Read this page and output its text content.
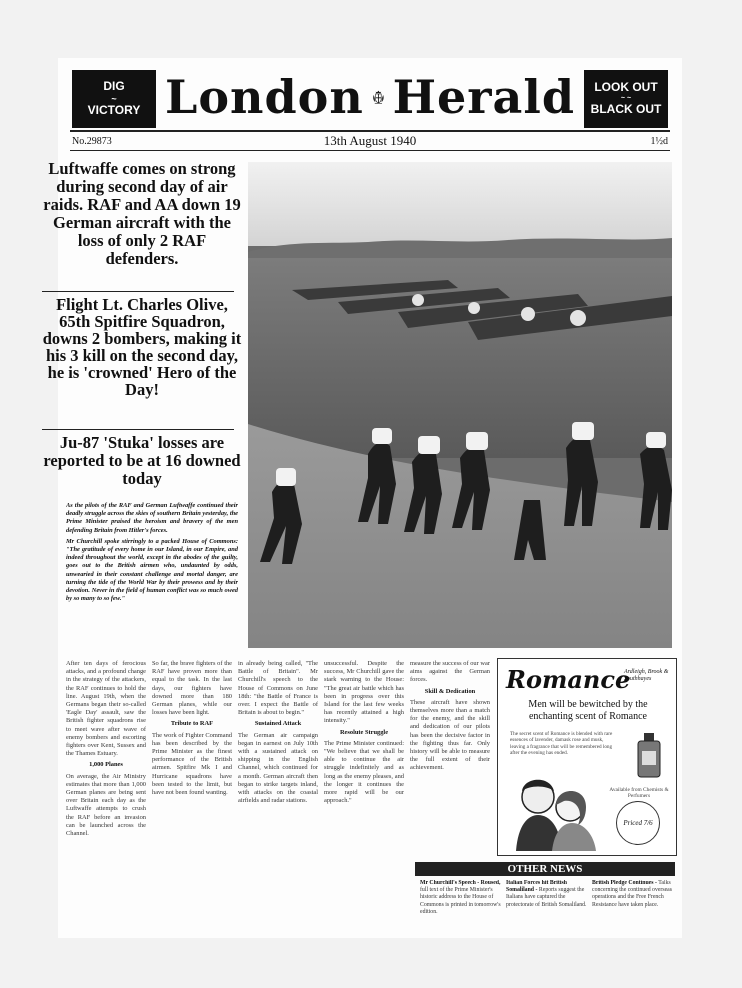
DIG
~
VICTORY
LOOK OUT
~ ~
BLACK OUT
London Herald
No.29873	13th August 1940	1½d
Luftwaffe comes on strong during second day of air raids. RAF and AA down 19 German aircraft with the loss of only 2 RAF defenders.
Flight Lt. Charles Olive, 65th Spitfire Squadron, downs 2 bombers, making it his 3 kill on the second day, he is 'crowned' Hero of the Day!
Ju-87 'Stuka' losses are reported to be at 16 downed today

As the pilots of the RAF and German Luftwaffe continued their deadly struggle across the skies of southern Britain yesterday, the Prime Minister praised the heroism and bravery of the men defending Britain from Hitler's forces.

Mr Churchill spoke stirringly to a packed House of Commons: "The gratitude of every home in our Island, in our Empire, and indeed throughout the world, except in the abodes of the guilty, goes out to the British airmen who, undaunted by odds, unwearied in their constant challenge and mortal danger, are turning the tide of the World War by their prowess and by their devotion. Never in the field of human conflict was so much owed by so many to so few."

After ten days of ferocious attacks, and a profound change in the strategy of the attackers, the RAF continues to hold the line. August 19th, when the Germans began their so-called 'Eagle Day' assault, saw the British fighter squadrons rise to meet wave after wave of enemy bombers and escorting fighters over Kent, Sussex and the Thames Estuary.

1,000 Planes

On average, the Air Ministry estimates that more than 1,000 German planes are being sent over Britain each day as the Luftwaffe attempts to crush the RAF before an invasion can be launched across the Channel.

So far, the brave fighters of the RAF have proven more than equal to the task. In the last days, our fighters have downed more than 180 German planes, while our losses have been light.

Tribute to RAF

The work of Fighter Command has been described by the Prime Minister as the finest performance of the British airmen. Spitfire Mk I and Hurricane squadrons have been tested to the limit, but have not been found wanting.

in already being called, "The Battle of Britain". Mr Churchill's speech to the House of Commons on June 18th: "the Battle of France is over. I expect the Battle of Britain is about to begin."

Sustained Attack

The German air campaign began in earnest on July 10th with a sustained attack on shipping in the English Channel, which continued for a month. German aircraft then began to strike targets inland, with attacks on the coastal airfields and radar stations.

unsuccessful. Despite the success, Mr Churchill gave the stark warning to the House: "The great air battle which has been in progress over this Island for the last few weeks has recently attained a high intensity."

Resolute Struggle

The Prime Minister continued: "We believe that we shall be able to continue the air struggle indefinitely and as long as the enemy pleases, and the longer it continues the more rapid will be our approach."

measure the success of our war aims against the German forces.

Skill & Dedication

These aircraft have shown themselves more than a match for the enemy, and the skill and dedication of our pilots has been the decisive factor in the fighting thus far. Only history will be able to measure the full extent of their achievement.

Romance
Ardleigh, Brook & Southhayes
Men will be bewitched by the enchanting scent of Romance
The secret scent of Romance is blended with rare essences of lavender, damask rose and musk, leaving a fragrance that will be remembered long after the evening has ended.
Available from Chemists & Perfumers
Priced 7/6
OTHER NEWS
Mr Churchill's Speech - Roused, full text of the Prime Minister's historic address to the House of Commons is printed in tomorrow's edition.
Italian Forces hit British Somaliland - Reports suggest the Italians have captured the protectorate of British Somaliland.
British Pledge Continues - Talks concerning the continued overseas operations and the Free French Resistance have taken place.
